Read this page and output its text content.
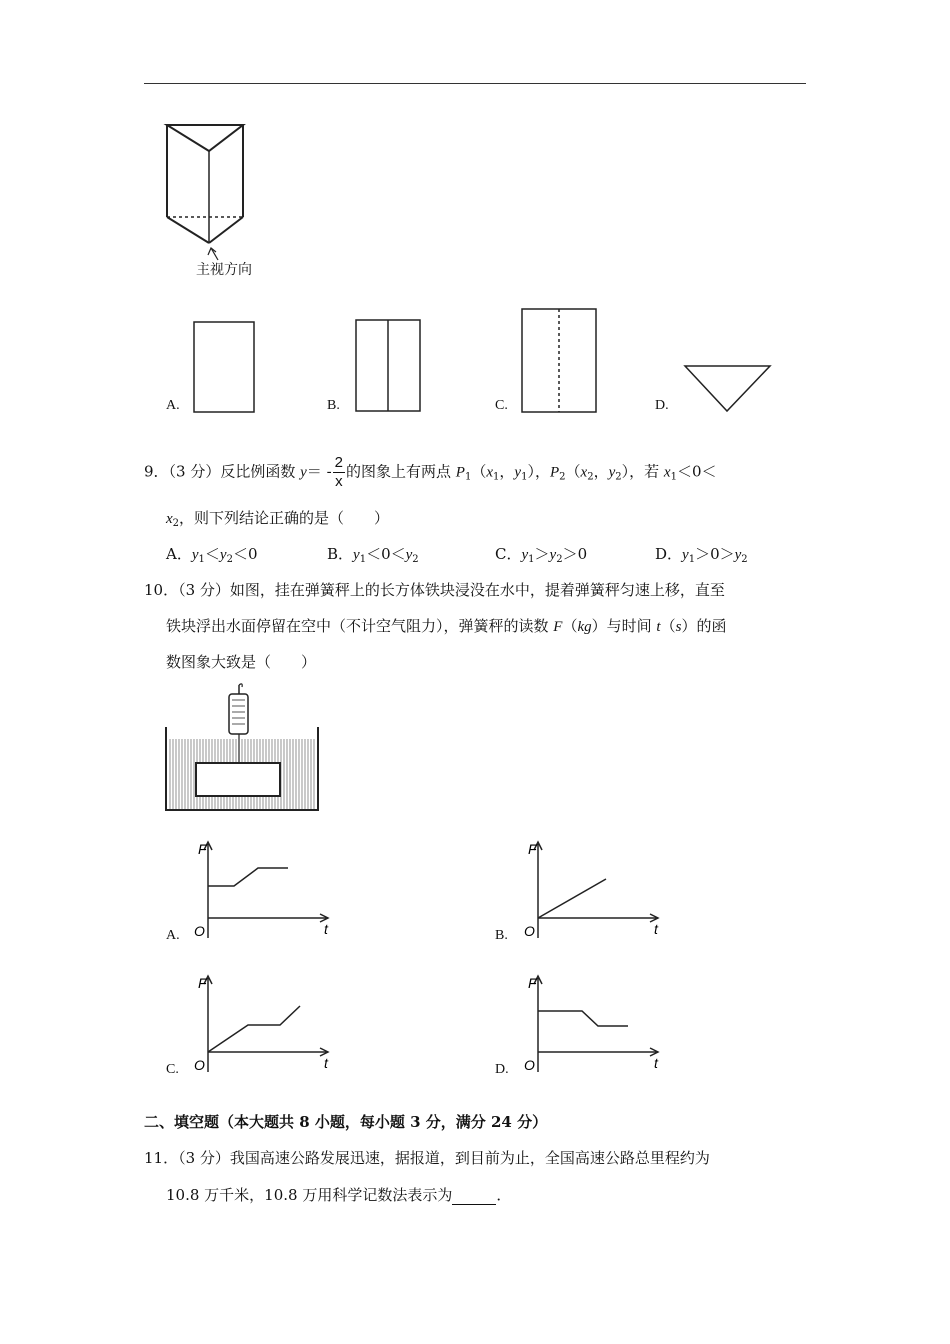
主视方向
A.	B.	C.	D.
9．（3 分）反比例函数 $y= - \frac{2}{x}$ 的图象上有两点 $P_1(x_1$，$y_1$），$P_2(x_2$，$y_2$），若 $x_1<0<$
$x_2$，则下列结论正确的是（　　）
A．$y_1<y_2<0$	B．$y_1<0<y_2$	C．$y_1>y_2>0$	D．$y_1>0>y_2$
10．（3 分）如图，挂在弹簧秤上的长方体铁块浸没在水中，提着弹簧秤匀速上移，直至
铁块浮出水面停留在空中（不计空气阻力），弹簧秤的读数 F（kg）与时间 t（s）的函
数图象大致是（　　）
A.
F
t
O	B.
F
t
O
C.
F
t
O	D.
F
t
O
二、填空题（本大题共 8 小题，每小题 3 分，满分 24 分）
11．（3 分）我国高速公路发展迅速，据报道，到目前为止，全国高速公路总里程约为
10.8 万千米，10.8 万用科学记数法表示为	．
